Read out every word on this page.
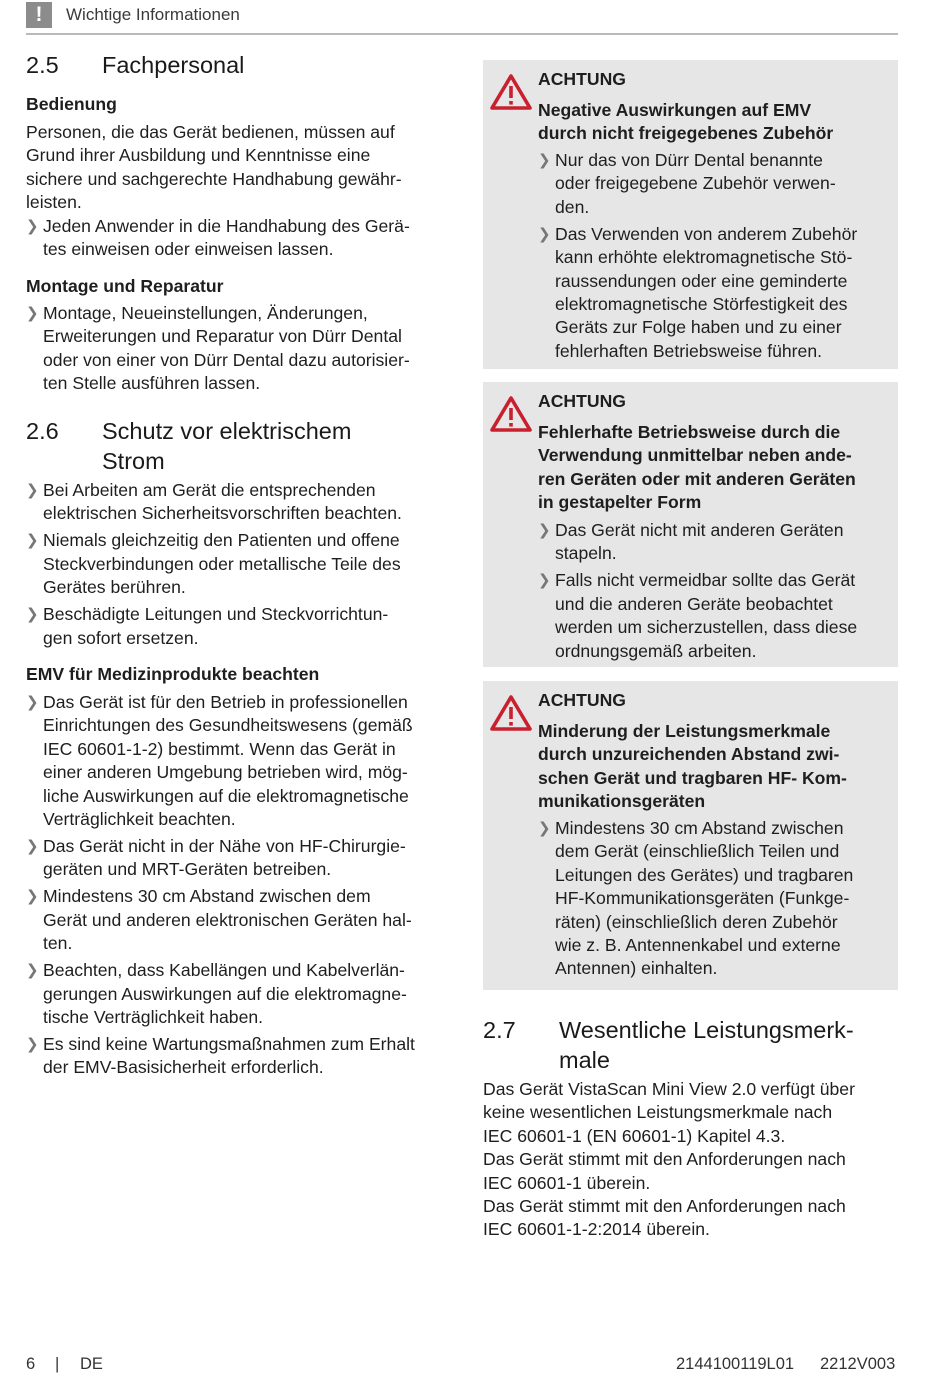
!	Wichtige Informationen
2.5 Fachpersonal
Bedienung
Personen, die das Gerät bedienen, müssen auf
Grund ihrer Ausbildung und Kenntnisse eine
sichere und sachgerechte Handhabung gewähr-
leisten.
❯ Jeden Anwender in die Handhabung des Gerä-
tes einweisen oder einweisen lassen.
Montage und Reparatur
❯ Montage, Neueinstellungen, Änderungen,
Erweiterungen und Reparatur von Dürr Dental
oder von einer von Dürr Dental dazu autorisier-
ten Stelle ausführen lassen.
2.6 Schutz vor elektrischem
Strom
❯ Bei Arbeiten am Gerät die entsprechenden
elektrischen Sicherheitsvorschriften beachten.
❯ Niemals gleichzeitig den Patienten und offene
Steckverbindungen oder metallische Teile des
Gerätes berühren.
❯ Beschädigte Leitungen und Steckvorrichtun-
gen sofort ersetzen.
EMV für Medizinprodukte beachten
❯ Das Gerät ist für den Betrieb in professionellen
Einrichtungen des Gesundheitswesens (gemäß
IEC 60601-1-2) bestimmt. Wenn das Gerät in
einer anderen Umgebung betrieben wird, mög-
liche Auswirkungen auf die elektromagnetische
Verträglichkeit beachten.
❯ Das Gerät nicht in der Nähe von HF-Chirurgie-
geräten und MRT-Geräten betreiben.
❯ Mindestens 30 cm Abstand zwischen dem
Gerät und anderen elektronischen Geräten hal-
ten.
❯ Beachten, dass Kabellängen und Kabelverlän-
gerungen Auswirkungen auf die elektromagne-
tische Verträglichkeit haben.
❯ Es sind keine Wartungsmaßnahmen zum Erhalt
der EMV-Basisicherheit erforderlich.
ACHTUNG
Negative Auswirkungen auf EMV
durch nicht freigegebenes Zubehör
❯ Nur das von Dürr Dental benannte
oder freigegebene Zubehör verwen-
den.
❯ Das Verwenden von anderem Zubehör
kann erhöhte elektromagnetische Stö-
raussendungen oder eine geminderte
elektromagnetische Störfestigkeit des
Geräts zur Folge haben und zu einer
fehlerhaften Betriebsweise führen.
ACHTUNG
Fehlerhafte Betriebsweise durch die
Verwendung unmittelbar neben ande-
ren Geräten oder mit anderen Geräten
in gestapelter Form
❯ Das Gerät nicht mit anderen Geräten
stapeln.
❯ Falls nicht vermeidbar sollte das Gerät
und die anderen Geräte beobachtet
werden um sicherzustellen, dass diese
ordnungsgemäß arbeiten.
ACHTUNG
Minderung der Leistungsmerkmale
durch unzureichenden Abstand zwi-
schen Gerät und tragbaren HF- Kom-
munikationsgeräten
❯ Mindestens 30 cm Abstand zwischen
dem Gerät (einschließlich Teilen und
Leitungen des Gerätes) und tragbaren
HF-Kommunikationsgeräten (Funkge-
räten) (einschließlich deren Zubehör
wie z. B. Antennenkabel und externe
Antennen) einhalten.
2.7 Wesentliche Leistungsmerk-
male
Das Gerät VistaScan Mini View 2.0 verfügt über
keine wesentlichen Leistungsmerkmale nach
IEC 60601-1 (EN 60601-1) Kapitel 4.3.
Das Gerät stimmt mit den Anforderungen nach
IEC 60601-1 überein.
Das Gerät stimmt mit den Anforderungen nach
IEC 60601-1-2:2014 überein.
6 | DE	2144100119L01 2212V003
